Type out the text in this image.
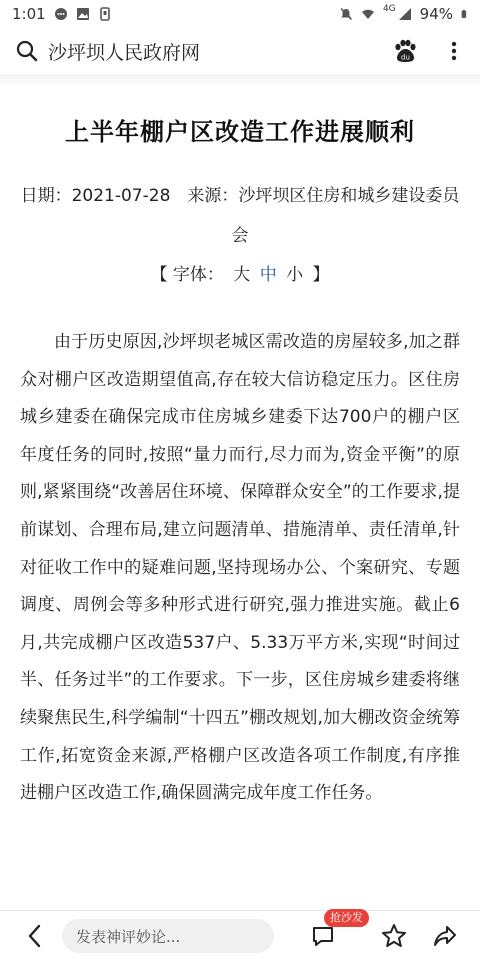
1:01	4G 94%
沙坪坝人民政府网	du
上半年棚户区改造工作进展顺利
日期：2021-07-28　来源：沙坪坝区住房和城乡建设委员会
【 字体： 大 中 小 】
由于历史原因,沙坪坝老城区需改造的房屋较多,加之群众对棚户区改造期望值高,存在较大信访稳定压力。区住房城乡建委在确保完成市住房城乡建委下达700户的棚户区年度任务的同时,按照“量力而行,尽力而为,资金平衡”的原则,紧紧围绕“改善居住环境、保障群众安全”的工作要求,提前谋划、合理布局,建立问题清单、措施清单、责任清单,针对征收工作中的疑难问题,坚持现场办公、个案研究、专题调度、周例会等多种形式进行研究,强力推进实施。截止6月,共完成棚户区改造537户、5.33万平方米,实现“时间过半、任务过半”的工作要求。下一步，区住房城乡建委将继续聚焦民生,科学编制“十四五”棚改规划,加大棚改资金统筹工作,拓宽资金来源,严格棚户区改造各项工作制度,有序推进棚户区改造工作,确保圆满完成年度工作任务。
发表神评妙论...
抢沙发
